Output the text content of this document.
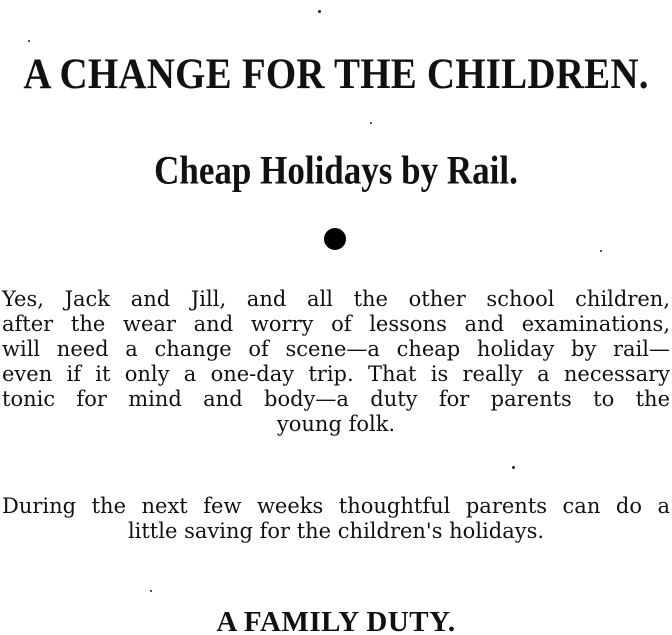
A CHANGE FOR THE CHILDREN.
Cheap Holidays by Rail.

Yes, Jack and Jill, and all the other school children,
after the wear and worry of lessons and examinations,
will need a change of scene—a cheap holiday by rail—
even if it only a one-day trip. That is really a necessary
tonic for mind and body—a duty for parents to the
young folk.

During the next few weeks thoughtful parents can do a
little saving for the children's holidays.

A FAMILY DUTY.
